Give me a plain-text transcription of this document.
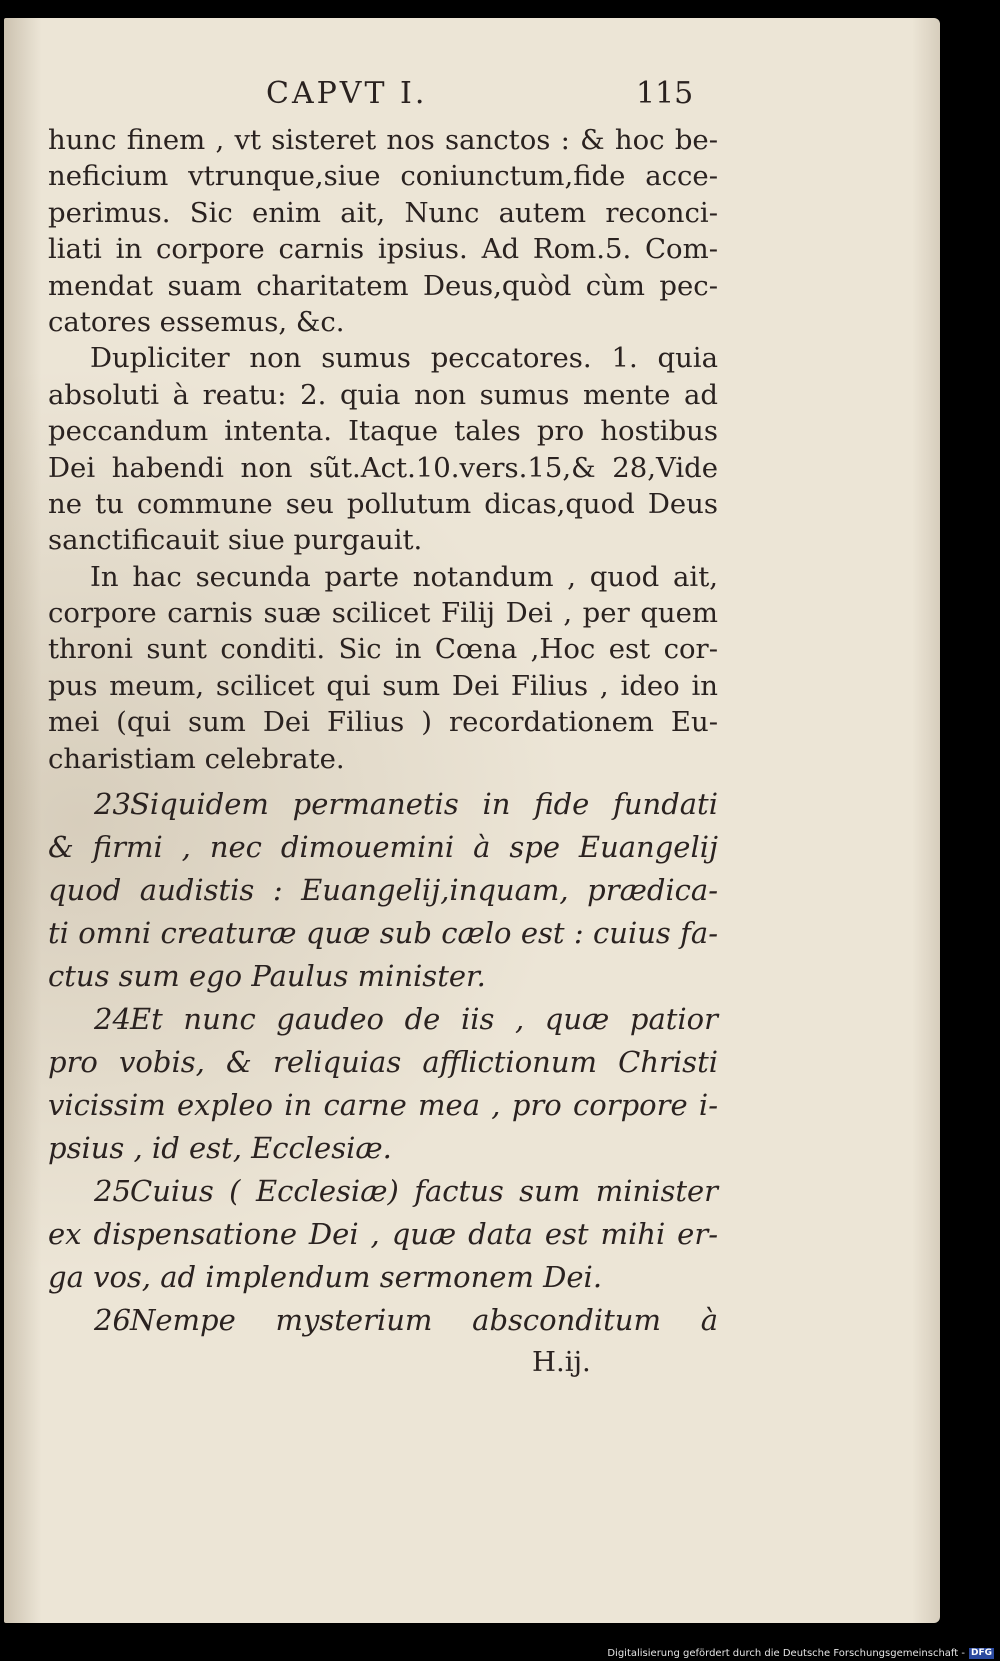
CAPVT I.	115
hunc finem , vt sisteret nos sanctos : & hoc be-
neficium vtrunque,siue coniunctum,fide acce-
perimus. Sic enim ait, Nunc autem reconci-
liati in corpore carnis ipsius. Ad Rom.5. Com-
mendat suam charitatem Deus,quòd cùm pec-
catores essemus, &c.
Dupliciter non sumus peccatores. 1. quia
absoluti à reatu: 2. quia non sumus mente ad
peccandum intenta. Itaque tales pro hostibus
Dei habendi non sũt.Act.10.vers.15,& 28,Vide
ne tu commune seu pollutum dicas,quod Deus
sanctificauit siue purgauit.
In hac secunda parte notandum , quod ait,
corpore carnis suæ scilicet Filij Dei , per quem
throni sunt conditi. Sic in Cœna ,Hoc est cor-
pus meum, scilicet qui sum Dei Filius , ideo in
mei (qui sum Dei Filius ) recordationem Eu-
charistiam celebrate.
23Siquidem permanetis in fide fundati
& firmi , nec dimouemini à spe Euangelij
quod audistis : Euangelij,inquam, prædica-
ti omni creaturæ quæ sub cælo est : cuius fa-
ctus sum ego Paulus minister.
24Et nunc gaudeo de iis , quæ patior
pro vobis, & reliquias afflictionum Christi
vicissim expleo in carne mea , pro corpore i-
psius , id est, Ecclesiæ.
25Cuius ( Ecclesiæ) factus sum minister
ex dispensatione Dei , quæ data est mihi er-
ga vos, ad implendum sermonem Dei.
26Nempe mysterium absconditum à
H.ij.
Digitalisierung gefördert durch die Deutsche Forschungsgemeinschaft - DFG
